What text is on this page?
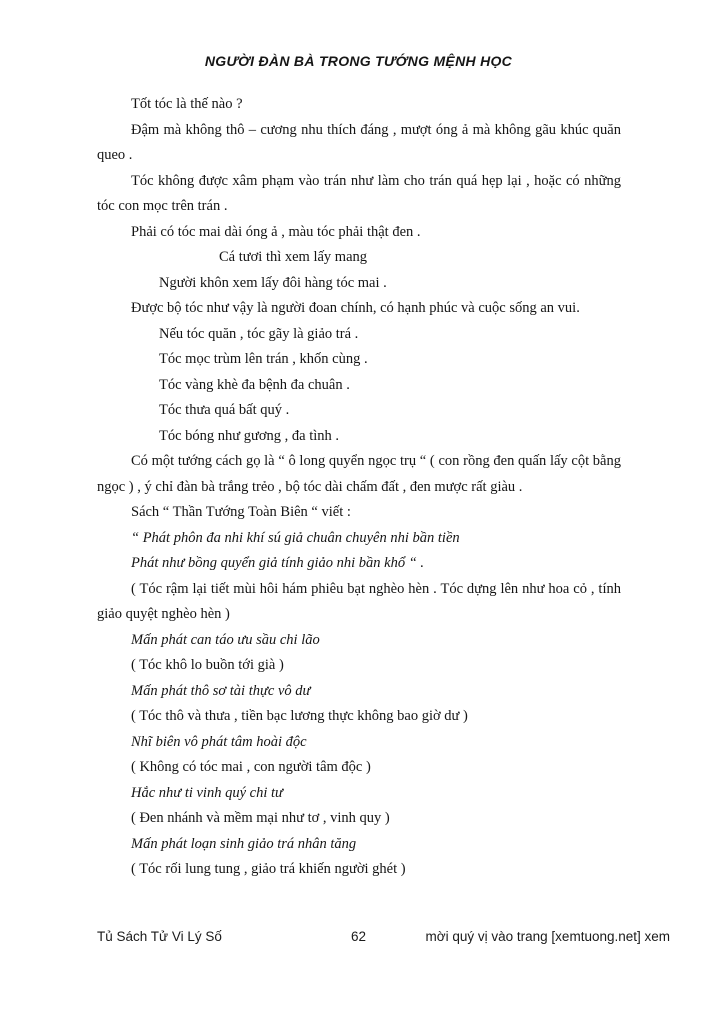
NGƯỜI ĐÀN BÀ TRONG TƯỚNG MỆNH HỌC

Tốt tóc là thế nào ?

Đậm mà không thô – cương nhu thích đáng , mượt óng ả mà không gãu khúc quăn queo .

Tóc không được xâm phạm vào trán như làm cho trán quá hẹp lại , hoặc có những tóc con mọc trên trán .

Phải có tóc mai dài óng ả , màu tóc phải thật đen .

Cá tươi thì xem lấy mang

Người khôn xem lấy đôi hàng tóc mai .

Được bộ tóc như vậy là người đoan chính, có hạnh phúc và cuộc sống an vui.

Nếu tóc quăn , tóc gãy là giảo trá .

Tóc mọc trùm lên trán , khốn cùng .

Tóc vàng khè đa bệnh đa chuân .

Tóc thưa quá bất quý .

Tóc bóng như gương , đa tình .

Có một tướng cách gọ là “ ô long quyển ngọc trụ “ ( con rồng đen quấn lấy cột bằng ngọc ) , ý chỉ đàn bà trắng trẻo , bộ tóc dài chấm đất , đen mược rất giàu .

Sách “ Thần Tướng Toàn Biên “ viết :

“ Phát phôn đa nhi khí sú giả chuân chuyên nhi bần tiền

Phát như bồng quyển giả tính giảo nhi bần khổ “ .

( Tóc rậm lại tiết mùi hôi hám phiêu bạt nghèo hèn . Tóc dựng lên như hoa cỏ , tính giảo quyệt nghèo hèn )

Mấn phát can táo ưu sầu chi lão

( Tóc khô lo buồn tới già )

Mấn phát thô sơ tài thực vô dư

( Tóc thô và thưa , tiền bạc lương thực không bao giờ dư )

Nhĩ biên vô phát tâm hoài độc

( Không có tóc mai , con người tâm độc )

Hắc như ti vinh quý chi tư

( Đen nhánh và mềm mại như tơ , vinh quy )

Mấn phát loạn sinh giảo trá nhân tăng

( Tóc rối lung tung , giảo trá khiến người ghét )

62
Tủ Sách Tử Vi Lý Số	mời quý vị vào trang [xemtuong.net] xem
